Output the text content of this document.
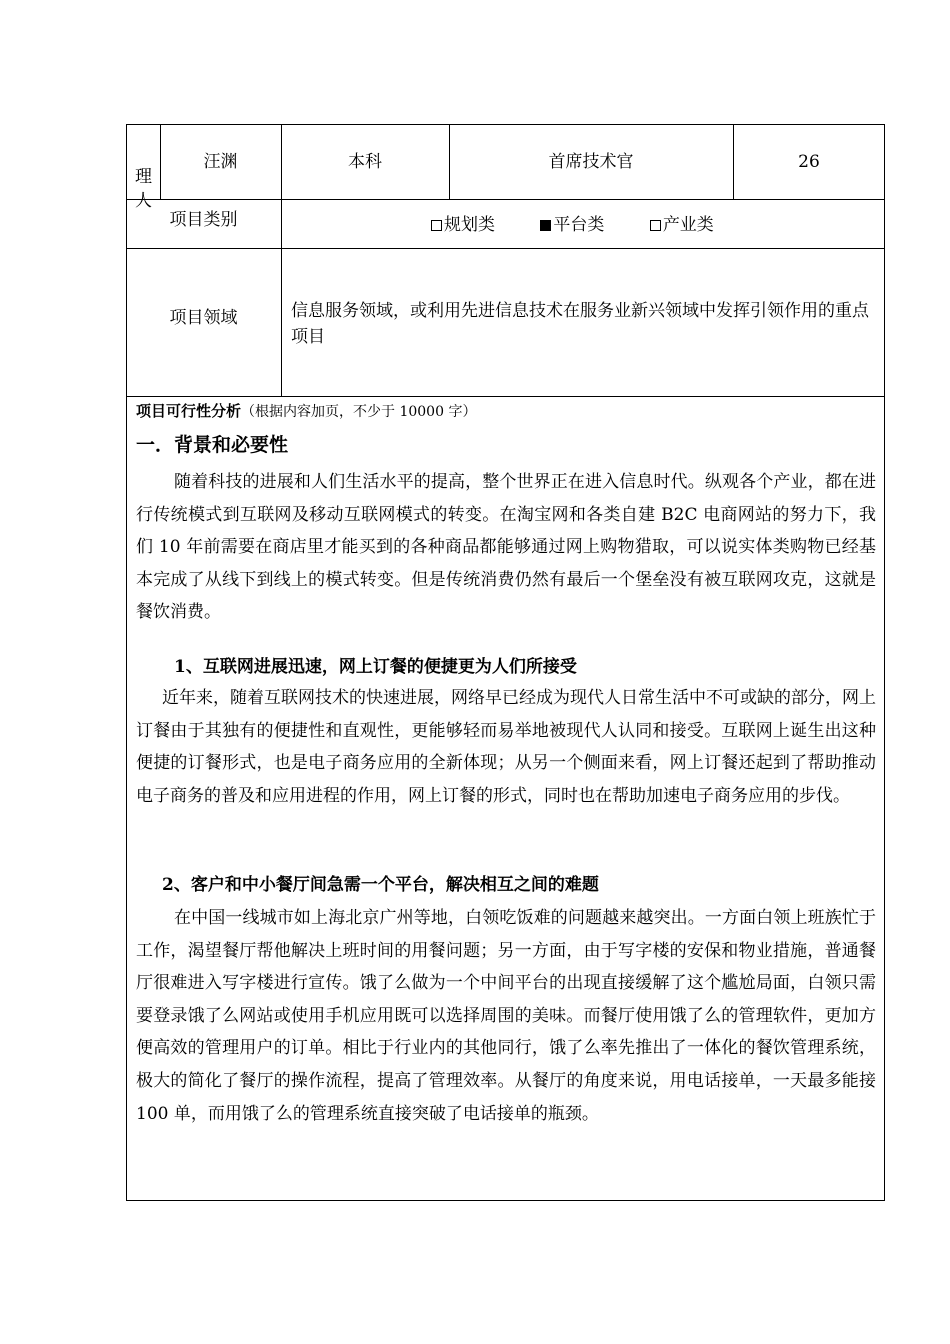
理人
汪渊	本科	首席技术官	26
项目类别	规划类	平台类	产业类
项目领域	信息服务领域，或利用先进信息技术在服务业新兴领域中发挥引领作用的重点项目
项目可行性分析（根据内容加页，不少于 10000 字）
一．背景和必要性
随着科技的进展和人们生活水平的提高，整个世界正在进入信息时代。纵观各个产业，都在进行传统模式到互联网及移动互联网模式的转变。在淘宝网和各类自建 B2C 电商网站的努力下，我们 10 年前需要在商店里才能买到的各种商品都能够通过网上购物猎取，可以说实体类购物已经基本完成了从线下到线上的模式转变。但是传统消费仍然有最后一个堡垒没有被互联网攻克，这就是餐饮消费。
1、互联网进展迅速，网上订餐的便捷更为人们所接受
近年来，随着互联网技术的快速进展，网络早已经成为现代人日常生活中不可或缺的部分，网上订餐由于其独有的便捷性和直观性，更能够轻而易举地被现代人认同和接受。互联网上诞生出这种便捷的订餐形式，也是电子商务应用的全新体现；从另一个侧面来看，网上订餐还起到了帮助推动电子商务的普及和应用进程的作用，网上订餐的形式，同时也在帮助加速电子商务应用的步伐。
2、客户和中小餐厅间急需一个平台，解决相互之间的难题
在中国一线城市如上海北京广州等地，白领吃饭难的问题越来越突出。一方面白领上班族忙于工作，渴望餐厅帮他解决上班时间的用餐问题；另一方面，由于写字楼的安保和物业措施，普通餐厅很难进入写字楼进行宣传。饿了么做为一个中间平台的出现直接缓解了这个尴尬局面，白领只需要登录饿了么网站或使用手机应用既可以选择周围的美味。而餐厅使用饿了么的管理软件，更加方便高效的管理用户的订单。相比于行业内的其他同行，饿了么率先推出了一体化的餐饮管理系统，极大的简化了餐厅的操作流程，提高了管理效率。从餐厅的角度来说，用电话接单，一天最多能接 100 单，而用饿了么的管理系统直接突破了电话接单的瓶颈。
